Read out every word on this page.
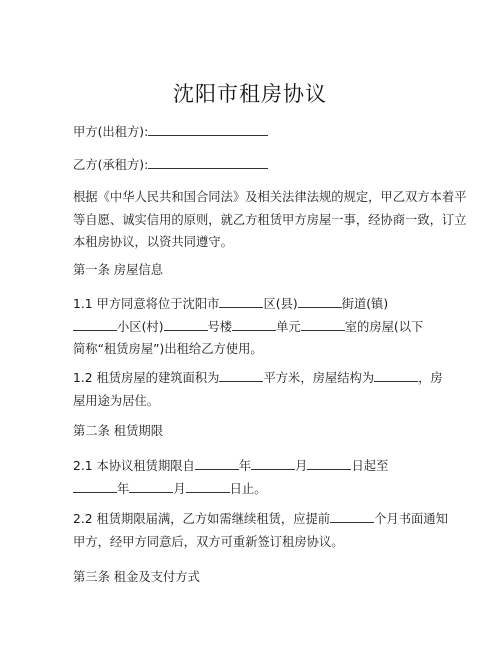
沈阳市租房协议
甲方(出租方):
乙方(承租方):
根据《中华人民共和国合同法》及相关法律法规的规定，甲乙双方本着平
等自愿、诚实信用的原则，就乙方租赁甲方房屋一事，经协商一致，订立
本租房协议，以资共同遵守。
第一条 房屋信息
1.1 甲方同意将位于沈阳市	区(县)	街道(镇)
小区(村)	号楼	单元	室的房屋(以下
简称“租赁房屋”)出租给乙方使用。
1.2 租赁房屋的建筑面积为	平方米，房屋结构为	，房
屋用途为居住。
第二条 租赁期限
2.1 本协议租赁期限自	年	月	日起至
年	月	日止。
2.2 租赁期限届满，乙方如需继续租赁，应提前	个月书面通知
甲方，经甲方同意后，双方可重新签订租房协议。
第三条 租金及支付方式
